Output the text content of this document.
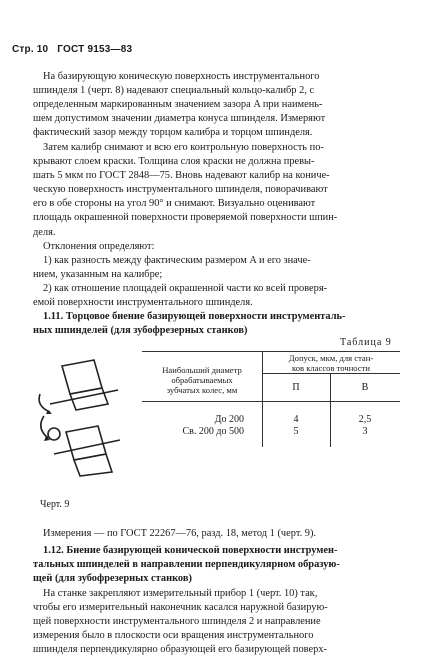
Стр. 10 ГОСТ 9153—83
На базирующую коническую поверхность инструментального
шпинделя 1 (черт. 8) надевают специальный кольцо-калибр 2, с
определенным маркированным значением зазора A при наимень-
шем допустимом значении диаметра конуса шпинделя. Измеряют
фактический зазор между торцом калибра и торцом шпинделя.
Затем калибр снимают и всю его контрольную поверхность по-
крывают слоем краски. Толщина слоя краски не должна превы-
шать 5 мкм по ГОСТ 2848—75. Вновь надевают калибр на кониче-
ческую поверхность инструментального шпинделя, поворачивают
его в обе стороны на угол 90° и снимают. Визуально оценивают
площадь окрашенной поверхности проверяемой поверхности шпин-
деля.
Отклонения определяют:
1) как разность между фактическим размером A и его значе-
нием, указанным на калибре;
2) как отношение площадей окрашенной части ко всей проверя-
емой поверхности инструментального шпинделя.
1.11. Торцовое биение базирующей поверхности инструменталь-
ных шпинделей (для зубофрезерных станков)
Таблица 9
Черт. 9
Наибольший диаметр
обрабатываемых
зубчатых колес, мм
Допуск, мкм, для стан-
ков классов точности
П	В
До 200	4	2,5
Св. 200 до 500	5	3
Измерения — по ГОСТ 22267—76, разд. 18, метод 1 (черт. 9).
1.12. Биение базирующей конической поверхности инструмен-
тальных шпинделей в направлении перпендикулярном образую-
щей (для зубофрезерных станков)
На станке закрепляют измерительный прибор 1 (черт. 10) так,
чтобы его измерительный наконечник касался наружной базирую-
щей поверхности инструментального шпинделя 2 и направление
измерения было в плоскости оси вращения инструментального
шпинделя перпендикулярно образующей его базирующей поверх-
